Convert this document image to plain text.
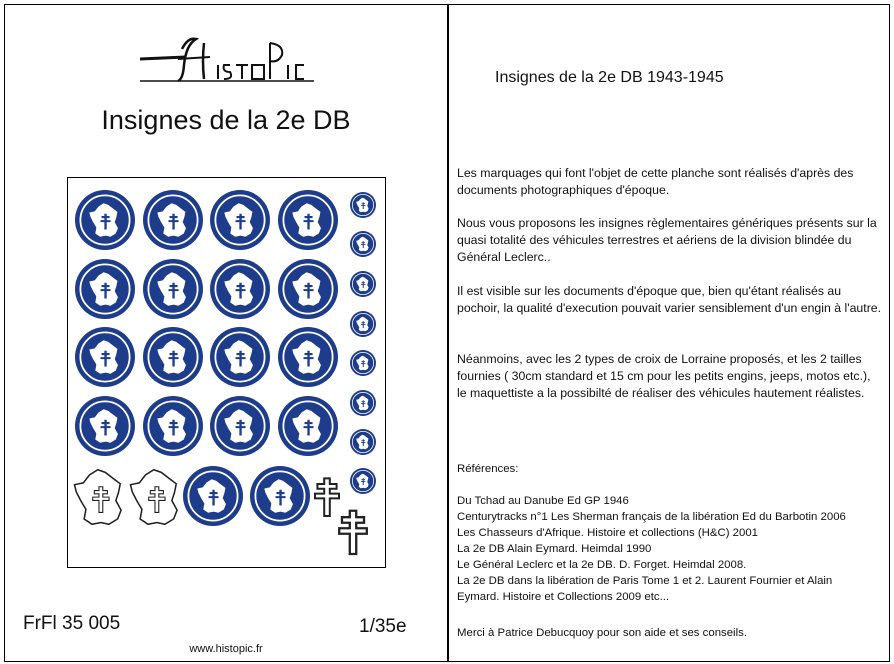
Insignes de la 2e DB
FrFl 35 005	1/35e
www.histopic.fr
Insignes de la 2e DB 1943-1945

Les marquages qui font l'objet de cette planche sont réalisés d'après des documents photographiques d'époque.

Nous vous proposons les insignes règlementaires génériques présents sur la quasi totalité des véhicules terrestres et aériens de la division blindée du Général Leclerc..

Il est visible sur les documents d'époque que, bien qu'étant réalisés au pochoir, la qualité d'execution pouvait varier sensiblement d'un engin à l'autre.

Néanmoins, avec les 2 types de croix de Lorraine proposés, et les 2 tailles fournies ( 30cm standard et 15 cm pour les petits engins, jeeps, motos etc.), le maquettiste a la possibilté de réaliser des véhicules hautement réalistes.

Références:
Du Tchad au Danube Ed GP 1946
Centurytracks n°1 Les Sherman français de la libération Ed du Barbotin 2006
Les Chasseurs d'Afrique. Histoire et collections (H&C) 2001
La 2e DB Alain Eymard. Heimdal 1990
Le Général Leclerc et la 2e DB. D. Forget. Heimdal 2008.
La 2e DB dans la libération de Paris Tome 1 et 2. Laurent Fournier et Alain
Eymard. Histoire et Collections 2009 etc...
Merci à Patrice Debucquoy pour son aide et ses conseils.
